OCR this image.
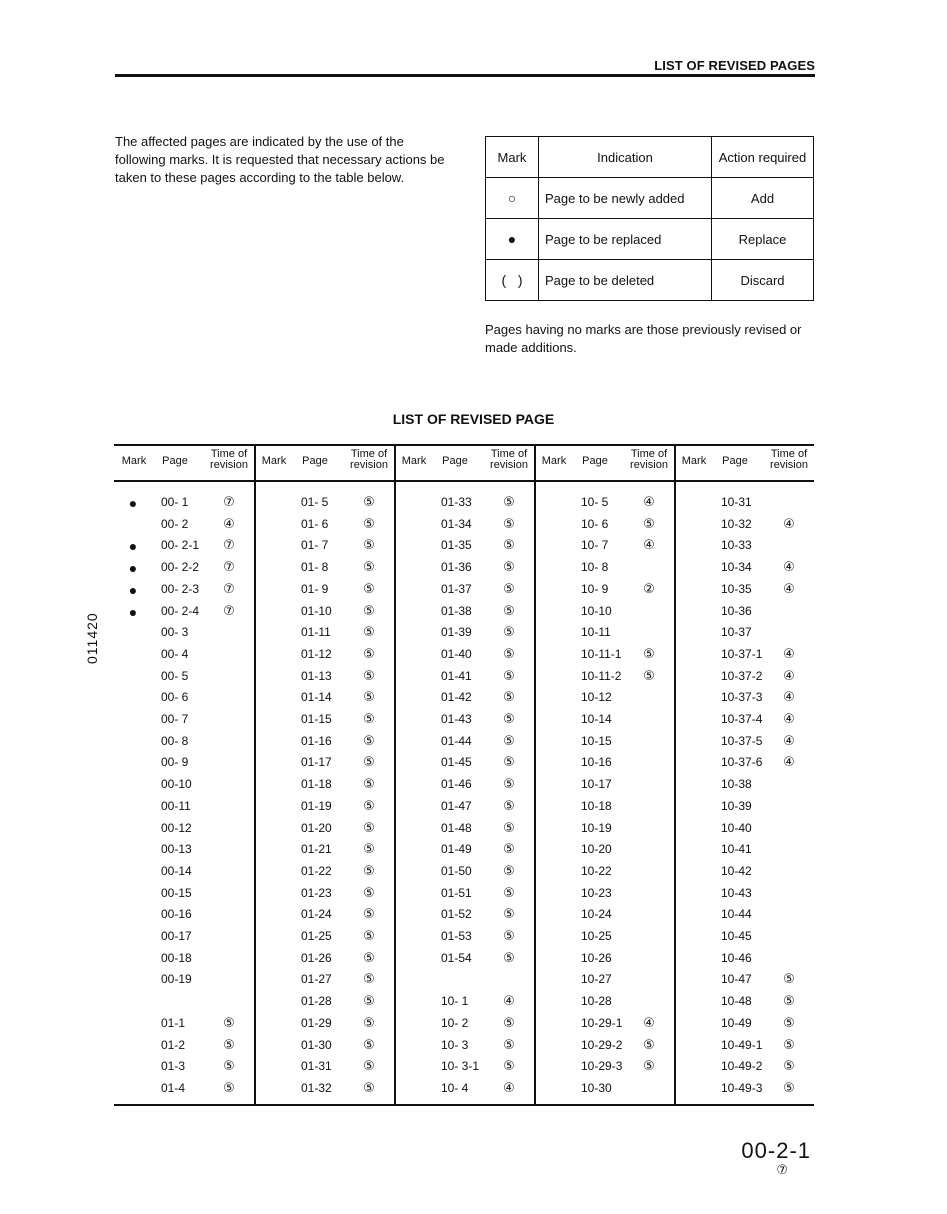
LIST OF REVISED PAGES
The affected pages are indicated by the use of the following marks. It is requested that necessary actions be taken to these pages according to the table below.
Mark	Indication	Action required
○	Page to be newly added	Add
●	Page to be replaced	Replace
(   )	Page to be deleted	Discard
Pages having no marks are those previously revised or made additions.
LIST OF REVISED PAGE
Mark	Page
Time of
revision
● 00- 1	⑦
00- 2	④
● 00- 2-1 ⑦
● 00- 2-2 ⑦
● 00- 2-3 ⑦
● 00- 2-4 ⑦
00- 3
00- 4
00- 5
00- 6
00- 7
00- 8
00- 9
00-10
00-11
00-12
00-13
00-14
00-15
00-16
00-17
00-18
00-19
01-1	⑤
01-2	⑤
01-3	⑤
01-4	⑤
Mark	Page
Time of
revision
01- 5	⑤
01- 6	⑤
01- 7	⑤
01- 8	⑤
01- 9	⑤
01-10 ⑤
01-11 ⑤
01-12 ⑤
01-13 ⑤
01-14 ⑤
01-15 ⑤
01-16 ⑤
01-17 ⑤
01-18 ⑤
01-19 ⑤
01-20 ⑤
01-21 ⑤
01-22 ⑤
01-23 ⑤
01-24 ⑤
01-25 ⑤
01-26 ⑤
01-27 ⑤
01-28 ⑤
01-29 ⑤
01-30 ⑤
01-31 ⑤
01-32 ⑤
Mark	Page
Time of
revision
01-33 ⑤
01-34 ⑤
01-35 ⑤
01-36 ⑤
01-37 ⑤
01-38 ⑤
01-39 ⑤
01-40 ⑤
01-41 ⑤
01-42 ⑤
01-43 ⑤
01-44 ⑤
01-45 ⑤
01-46 ⑤
01-47 ⑤
01-48 ⑤
01-49 ⑤
01-50 ⑤
01-51 ⑤
01-52 ⑤
01-53 ⑤
01-54 ⑤
10- 1	④
10- 2	⑤
10- 3	⑤
10- 3-1 ⑤
10- 4	④
Mark	Page
Time of
revision
10- 5	④
10- 6	⑤
10- 7	④
10- 8
10- 9	②
10-10
10-11
10-11-1 ⑤
10-11-2 ⑤
10-12
10-14
10-15
10-16
10-17
10-18
10-19
10-20
10-22
10-23
10-24
10-25
10-26
10-27
10-28
10-29-1 ④
10-29-2 ⑤
10-29-3 ⑤
10-30
Mark	Page
Time of
revision
10-31
10-32 ④
10-33
10-34 ④
10-35 ④
10-36
10-37
10-37-1 ④
10-37-2 ④
10-37-3 ④
10-37-4 ④
10-37-5 ④
10-37-6 ④
10-38
10-39
10-40
10-41
10-42
10-43
10-44
10-45
10-46
10-47 ⑤
10-48 ⑤
10-49 ⑤
10-49-1 ⑤
10-49-2 ⑤
10-49-3 ⑤
011420
00-2-1
⑦
